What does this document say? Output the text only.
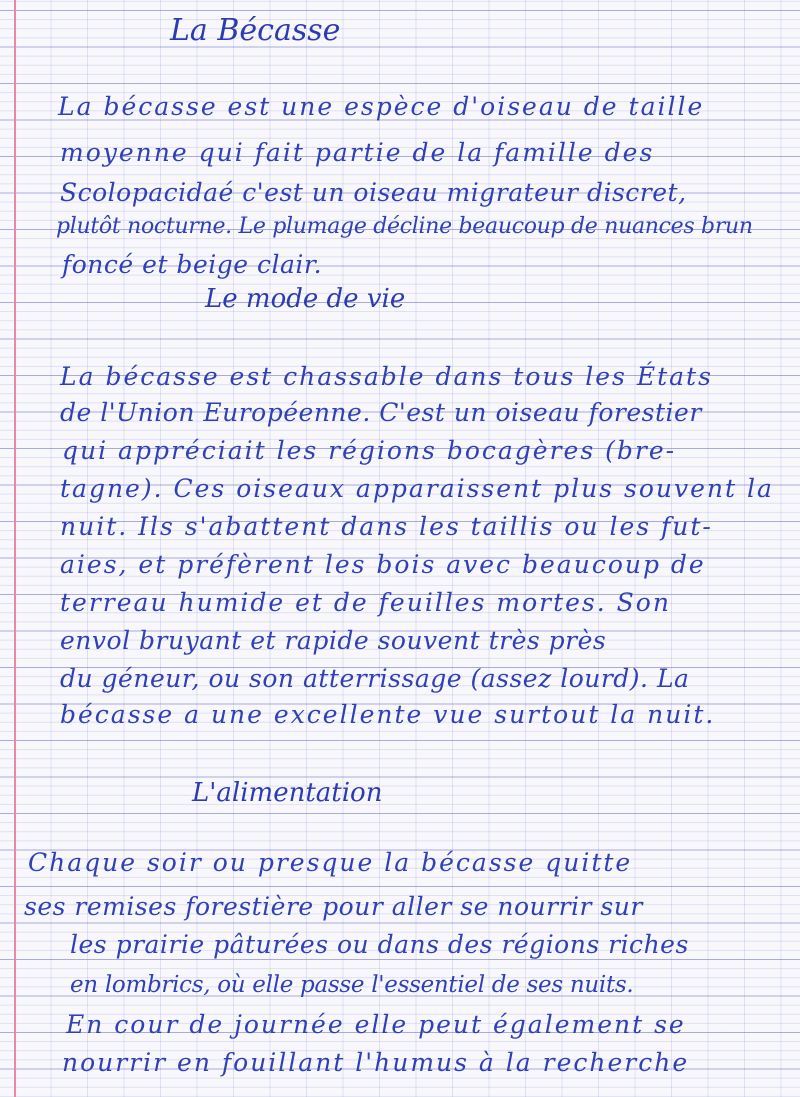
La Bécasse
La bécasse est une espèce d'oiseau de taille
moyenne qui fait partie de la famille des
Scolopacidaé c'est un oiseau migrateur discret,
plutôt nocturne. Le plumage décline beaucoup de nuances brun
foncé et beige clair.
Le mode de vie
La bécasse est chassable dans tous les États
de l'Union Européenne. C'est un oiseau forestier
qui appréciait les régions bocagères (bre-
tagne). Ces oiseaux apparaissent plus souvent la
nuit. Ils s'abattent dans les taillis ou les fut-
aies, et préfèrent les bois avec beaucoup de
terreau humide et de feuilles mortes. Son
envol bruyant et rapide souvent très près
du géneur, ou son atterrissage (assez lourd). La
bécasse a une excellente vue surtout la nuit.
L'alimentation
Chaque soir ou presque la bécasse quitte
ses remises forestière pour aller se nourrir sur
les prairie pâturées ou dans des régions riches
en lombrics, où elle passe l'essentiel de ses nuits.
En cour de journée elle peut également se
nourrir en fouillant l'humus à la recherche
